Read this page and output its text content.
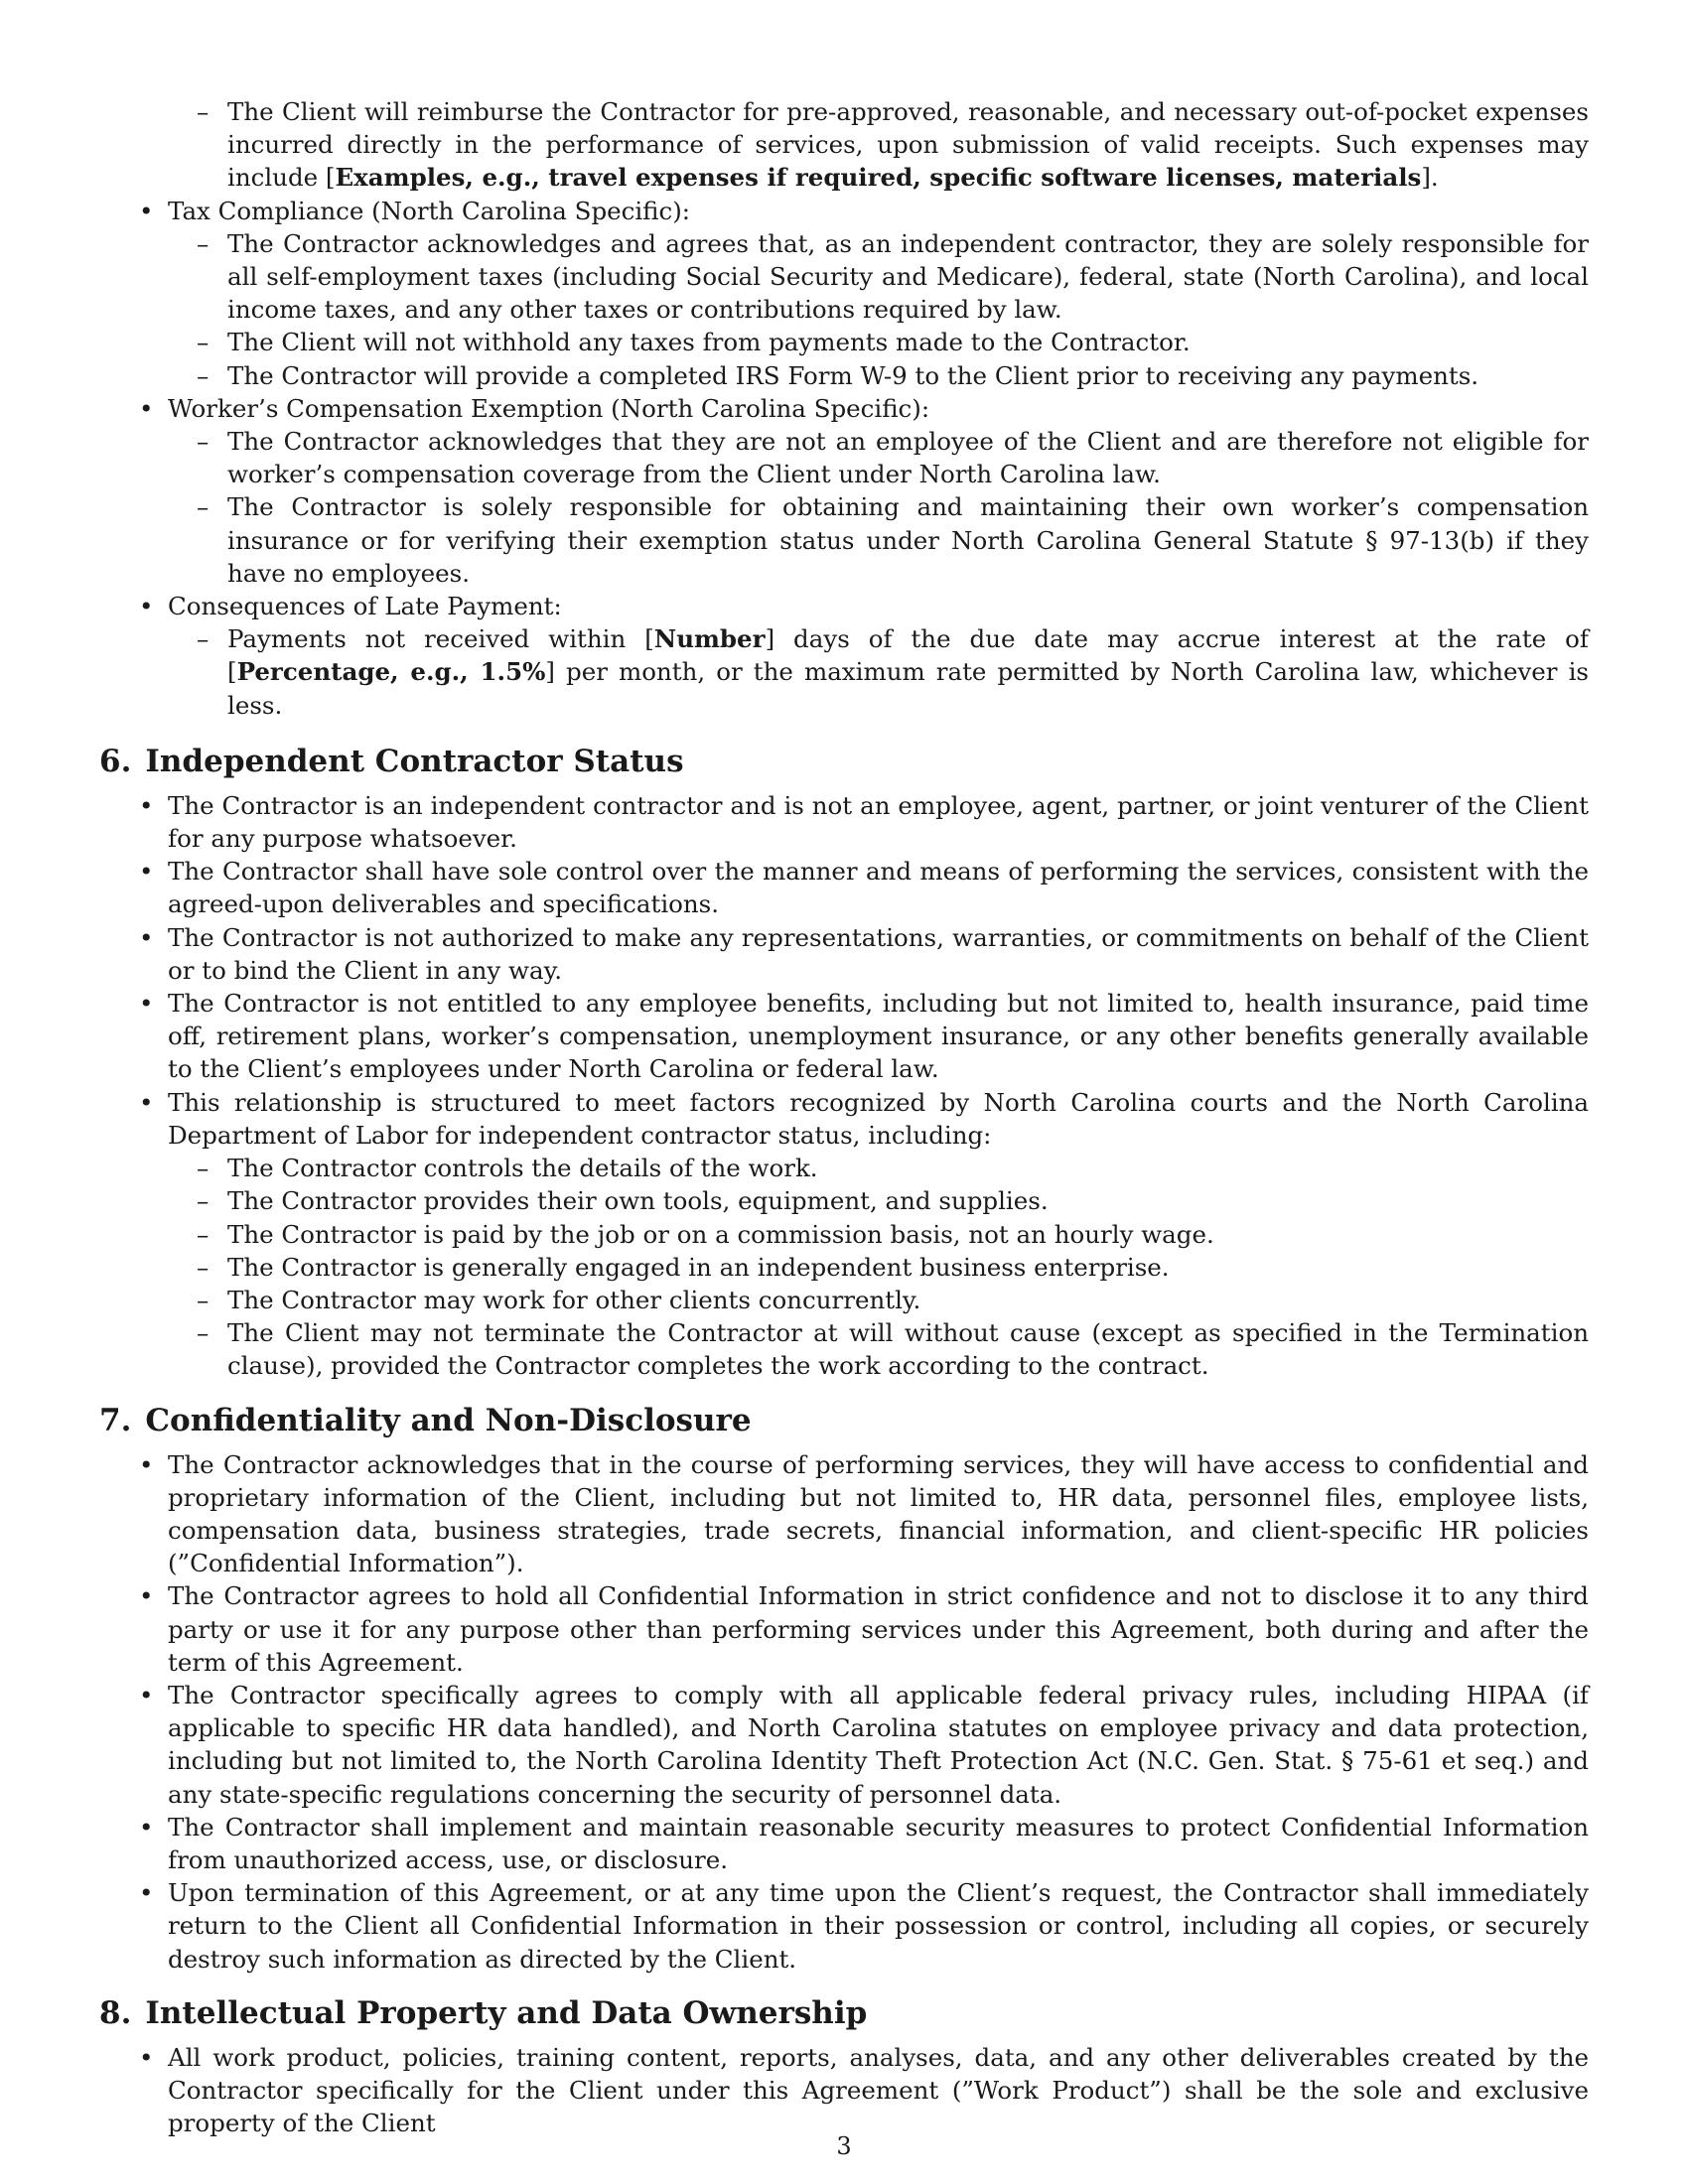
– The Client will reimburse the Contractor for pre-approved, reasonable, and necessary out-of-pocket expenses incurred directly in the performance of services, upon submission of valid receipts. Such expenses may include [Examples, e.g., travel expenses if required, specific software licenses, materials].
• Tax Compliance (North Carolina Specific):
– The Contractor acknowledges and agrees that, as an independent contractor, they are solely responsible for all self-employment taxes (including Social Security and Medicare), federal, state (North Carolina), and local income taxes, and any other taxes or contributions required by law.
– The Client will not withhold any taxes from payments made to the Contractor.
– The Contractor will provide a completed IRS Form W-9 to the Client prior to receiving any payments.
• Worker’s Compensation Exemption (North Carolina Specific):
– The Contractor acknowledges that they are not an employee of the Client and are therefore not eligible for worker’s compensation coverage from the Client under North Carolina law.
– The Contractor is solely responsible for obtaining and maintaining their own worker’s compensation insurance or for verifying their exemption status under North Carolina General Statute § 97-13(b) if they have no employees.
• Consequences of Late Payment:
– Payments not received within [Number] days of the due date may accrue interest at the rate of [Percentage, e.g., 1.5%] per month, or the maximum rate permitted by North Carolina law, whichever is less.
6. Independent Contractor Status
• The Contractor is an independent contractor and is not an employee, agent, partner, or joint venturer of the Client for any purpose whatsoever.
• The Contractor shall have sole control over the manner and means of performing the services, consistent with the agreed-upon deliverables and specifications.
• The Contractor is not authorized to make any representations, warranties, or commitments on behalf of the Client or to bind the Client in any way.
• The Contractor is not entitled to any employee benefits, including but not limited to, health insurance, paid time off, retirement plans, worker’s compensation, unemployment insurance, or any other benefits generally available to the Client’s employees under North Carolina or federal law.
• This relationship is structured to meet factors recognized by North Carolina courts and the North Carolina Department of Labor for independent contractor status, including:
– The Contractor controls the details of the work.
– The Contractor provides their own tools, equipment, and supplies.
– The Contractor is paid by the job or on a commission basis, not an hourly wage.
– The Contractor is generally engaged in an independent business enterprise.
– The Contractor may work for other clients concurrently.
– The Client may not terminate the Contractor at will without cause (except as specified in the Termination clause), provided the Contractor completes the work according to the contract.
7. Confidentiality and Non-Disclosure
• The Contractor acknowledges that in the course of performing services, they will have access to confidential and proprietary information of the Client, including but not limited to, HR data, personnel files, employee lists, compensation data, business strategies, trade secrets, financial information, and client-specific HR policies (”Confidential Information”).
• The Contractor agrees to hold all Confidential Information in strict confidence and not to disclose it to any third party or use it for any purpose other than performing services under this Agreement, both during and after the term of this Agreement.
• The Contractor specifically agrees to comply with all applicable federal privacy rules, including HIPAA (if applicable to specific HR data handled), and North Carolina statutes on employee privacy and data protection, including but not limited to, the North Carolina Identity Theft Protection Act (N.C. Gen. Stat. § 75-61 et seq.) and any state-specific regulations concerning the security of personnel data.
• The Contractor shall implement and maintain reasonable security measures to protect Confidential Information from unauthorized access, use, or disclosure.
• Upon termination of this Agreement, or at any time upon the Client’s request, the Contractor shall immediately return to the Client all Confidential Information in their possession or control, including all copies, or securely destroy such information as directed by the Client.
8. Intellectual Property and Data Ownership
• All work product, policies, training content, reports, analyses, data, and any other deliverables created by the Contractor specifically for the Client under this Agreement (”Work Product”) shall be the sole and exclusive property of the Client
3
